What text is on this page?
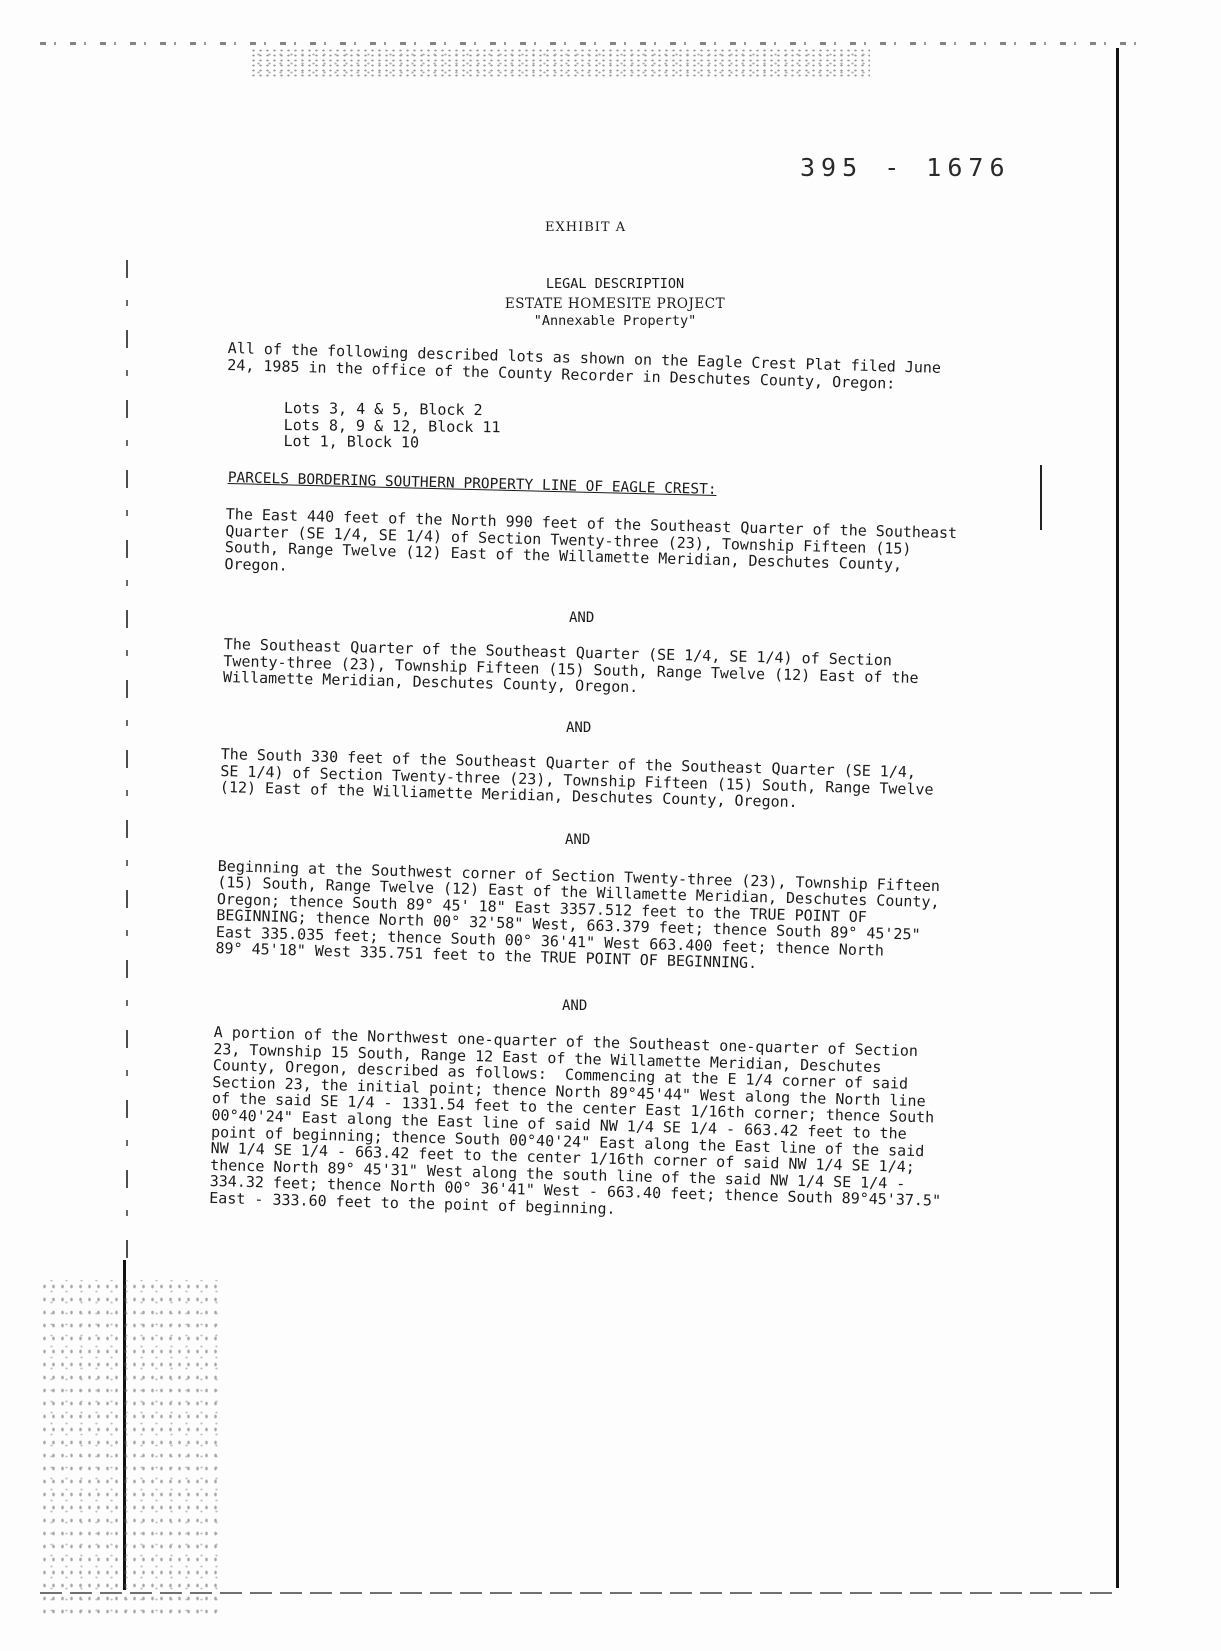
395 - 1676
EXHIBIT A
LEGAL DESCRIPTION
ESTATE HOMESITE PROJECT
"Annexable Property"
All of the following described lots as shown on the Eagle Crest Plat filed June
24, 1985 in the office of the County Recorder in Deschutes County, Oregon:
Lots 3, 4 & 5, Block 2
Lots 8, 9 & 12, Block 11
Lot 1, Block 10
PARCELS BORDERING SOUTHERN PROPERTY LINE OF EAGLE CREST:
The East 440 feet of the North 990 feet of the Southeast Quarter of the Southeast
Quarter (SE 1/4, SE 1/4) of Section Twenty-three (23), Township Fifteen (15)
South, Range Twelve (12) East of the Willamette Meridian, Deschutes County,
Oregon.
AND
The Southeast Quarter of the Southeast Quarter (SE 1/4, SE 1/4) of Section
Twenty-three (23), Township Fifteen (15) South, Range Twelve (12) East of the
Willamette Meridian, Deschutes County, Oregon.
AND
The South 330 feet of the Southeast Quarter of the Southeast Quarter (SE 1/4,
SE 1/4) of Section Twenty-three (23), Township Fifteen (15) South, Range Twelve
(12) East of the Williamette Meridian, Deschutes County, Oregon.
AND
Beginning at the Southwest corner of Section Twenty-three (23), Township Fifteen
(15) South, Range Twelve (12) East of the Willamette Meridian, Deschutes County,
Oregon; thence South 89° 45' 18" East 3357.512 feet to the TRUE POINT OF
BEGINNING; thence North 00° 32'58" West, 663.379 feet; thence South 89° 45'25"
East 335.035 feet; thence South 00° 36'41" West 663.400 feet; thence North
89° 45'18" West 335.751 feet to the TRUE POINT OF BEGINNING.
AND
A portion of the Northwest one-quarter of the Southeast one-quarter of Section
23, Township 15 South, Range 12 East of the Willamette Meridian, Deschutes
County, Oregon, described as follows:  Commencing at the E 1/4 corner of said
Section 23, the initial point; thence North 89°45'44" West along the North line
of the said SE 1/4 - 1331.54 feet to the center East 1/16th corner; thence South
00°40'24" East along the East line of said NW 1/4 SE 1/4 - 663.42 feet to the
point of beginning; thence South 00°40'24" East along the East line of the said
NW 1/4 SE 1/4 - 663.42 feet to the center 1/16th corner of said NW 1/4 SE 1/4;
thence North 89° 45'31" West along the south line of the said NW 1/4 SE 1/4 -
334.32 feet; thence North 00° 36'41" West - 663.40 feet; thence South 89°45'37.5"
East - 333.60 feet to the point of beginning.
